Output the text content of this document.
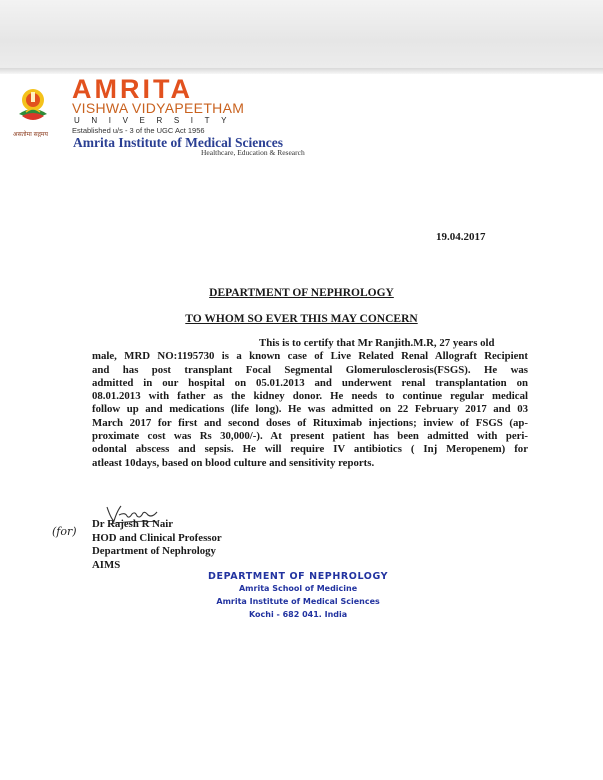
असतोमा सद्गमय
AMRITA
VISHWA VIDYAPEETHAM
UNIVERSITY
Established u/s - 3 of the UGC Act 1956
Amrita Institute of Medical Sciences
Healthcare, Education & Research
19.04.2017
DEPARTMENT OF NEPHROLOGY
TO WHOM SO EVER THIS MAY CONCERN
This is to certify that Mr Ranjith.M.R, 27 years old
male, MRD NO:1195730 is a known case of Live Related Renal Allograft Recipient
and has post transplant Focal Segmental Glomerulosclerosis(FSGS). He was
admitted in our hospital on 05.01.2013 and underwent renal transplantation on
08.01.2013 with father as the kidney donor. He needs to continue regular medical
follow up and medications (life long). He was admitted on 22 February 2017 and 03
March 2017 for first and second doses of Rituximab injections; inview of FSGS (ap-
proximate cost was Rs 30,000/-). At present patient has been admitted with peri-
odontal abscess and sepsis. He will require IV antibiotics ( Inj Meropenem) for
atleast 10days, based on blood culture and sensitivity reports.
(for)
Dr Rajesh R Nair
HOD and Clinical Professor
Department of Nephrology
AIMS
DEPARTMENT OF NEPHROLOGY
Amrita School of Medicine
Amrita Institute of Medical Sciences
Kochi - 682 041. India
